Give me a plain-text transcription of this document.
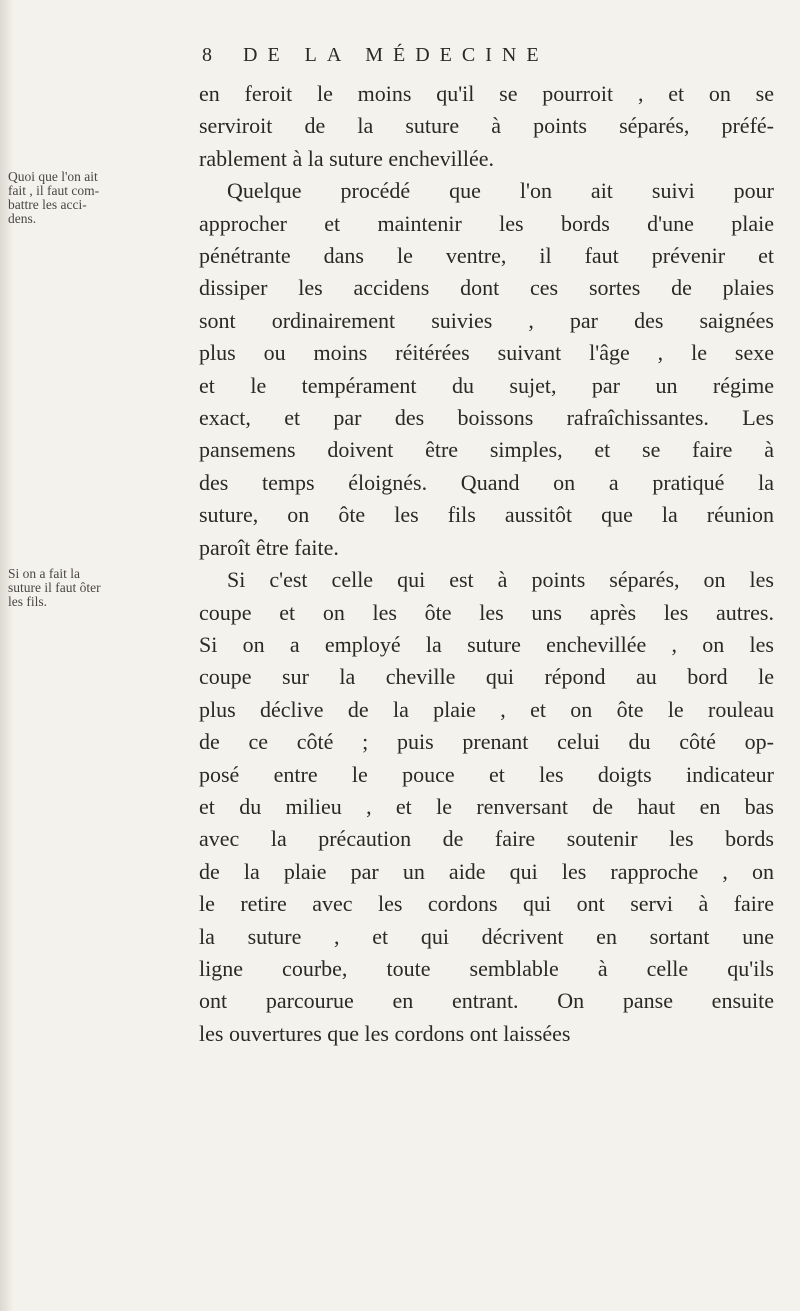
8 DE LA MÉDECINE
Quoi que l'on ait
fait , il faut com-
battre les acci-
dens.
Si on a fait la
suture il faut ôter
les fils.
en feroit le moins qu'il se pourroit , et on se
serviroit de la suture à points séparés, préfé-
rablement à la suture enchevillée.
Quelque procédé que l'on ait suivi pour
approcher et maintenir les bords d'une plaie
pénétrante dans le ventre, il faut prévenir et
dissiper les accidens dont ces sortes de plaies
sont ordinairement suivies , par des saignées
plus ou moins réitérées suivant l'âge , le sexe
et le tempérament du sujet, par un régime
exact, et par des boissons rafraîchissantes. Les
pansemens doivent être simples, et se faire à
des temps éloignés. Quand on a pratiqué la
suture, on ôte les fils aussitôt que la réunion
paroît être faite.
Si c'est celle qui est à points séparés, on les
coupe et on les ôte les uns après les autres.
Si on a employé la suture enchevillée , on les
coupe sur la cheville qui répond au bord le
plus déclive de la plaie , et on ôte le rouleau
de ce côté ; puis prenant celui du côté op-
posé entre le pouce et les doigts indicateur
et du milieu , et le renversant de haut en bas
avec la précaution de faire soutenir les bords
de la plaie par un aide qui les rapproche , on
le retire avec les cordons qui ont servi à faire
la suture , et qui décrivent en sortant une
ligne courbe, toute semblable à celle qu'ils
ont parcourue en entrant. On panse ensuite
les ouvertures que les cordons ont laissées
